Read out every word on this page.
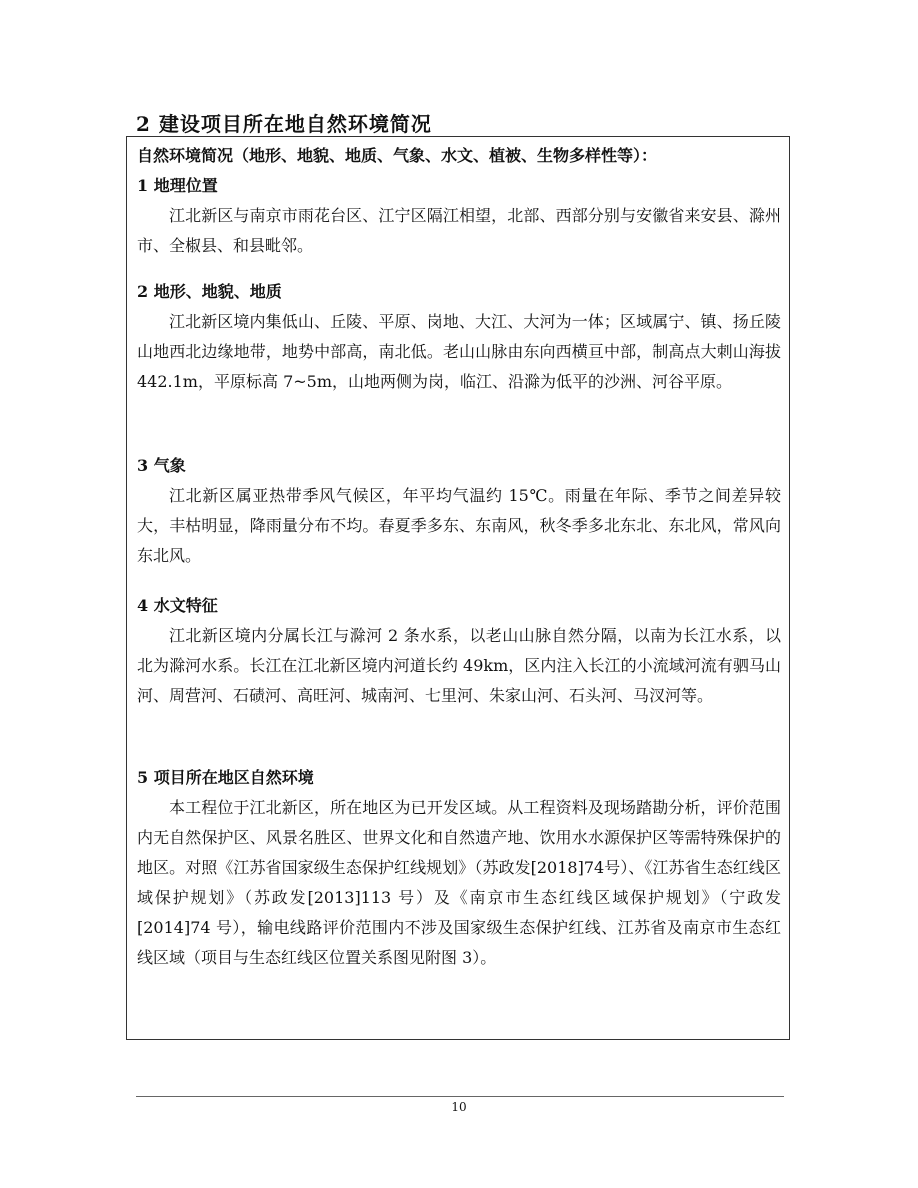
2 建设项目所在地自然环境简况
自然环境简况（地形、地貌、地质、气象、水文、植被、生物多样性等）：
1 地理位置

江北新区与南京市雨花台区、江宁区隔江相望，北部、西部分别与安徽省来安县、滁州市、全椒县、和县毗邻。

2 地形、地貌、地质

江北新区境内集低山、丘陵、平原、岗地、大江、大河为一体；区域属宁、镇、扬丘陵山地西北边缘地带，地势中部高，南北低。老山山脉由东向西横亘中部，制高点大刺山海拔 442.1m，平原标高 7~5m，山地两侧为岗，临江、沿滁为低平的沙洲、河谷平原。

3 气象

江北新区属亚热带季风气候区，年平均气温约 15℃。雨量在年际、季节之间差异较大，丰枯明显，降雨量分布不均。春夏季多东、东南风，秋冬季多北东北、东北风，常风向东北风。

4 水文特征

江北新区境内分属长江与滁河 2 条水系，以老山山脉自然分隔，以南为长江水系，以北为滁河水系。长江在江北新区境内河道长约 49km，区内注入长江的小流域河流有驷马山河、周营河、石碛河、高旺河、城南河、七里河、朱家山河、石头河、马汊河等。

5 项目所在地区自然环境

本工程位于江北新区，所在地区为已开发区域。从工程资料及现场踏勘分析，评价范围内无自然保护区、风景名胜区、世界文化和自然遗产地、饮用水水源保护区等需特殊保护的地区。对照《江苏省国家级生态保护红线规划》（苏政发[2018]74号）、《江苏省生态红线区域保护规划》（苏政发[2013]113 号）及《南京市生态红线区域保护规划》（宁政发[2014]74 号），输电线路评价范围内不涉及国家级生态保护红线、江苏省及南京市生态红线区域（项目与生态红线区位置关系图见附图 3）。

10
